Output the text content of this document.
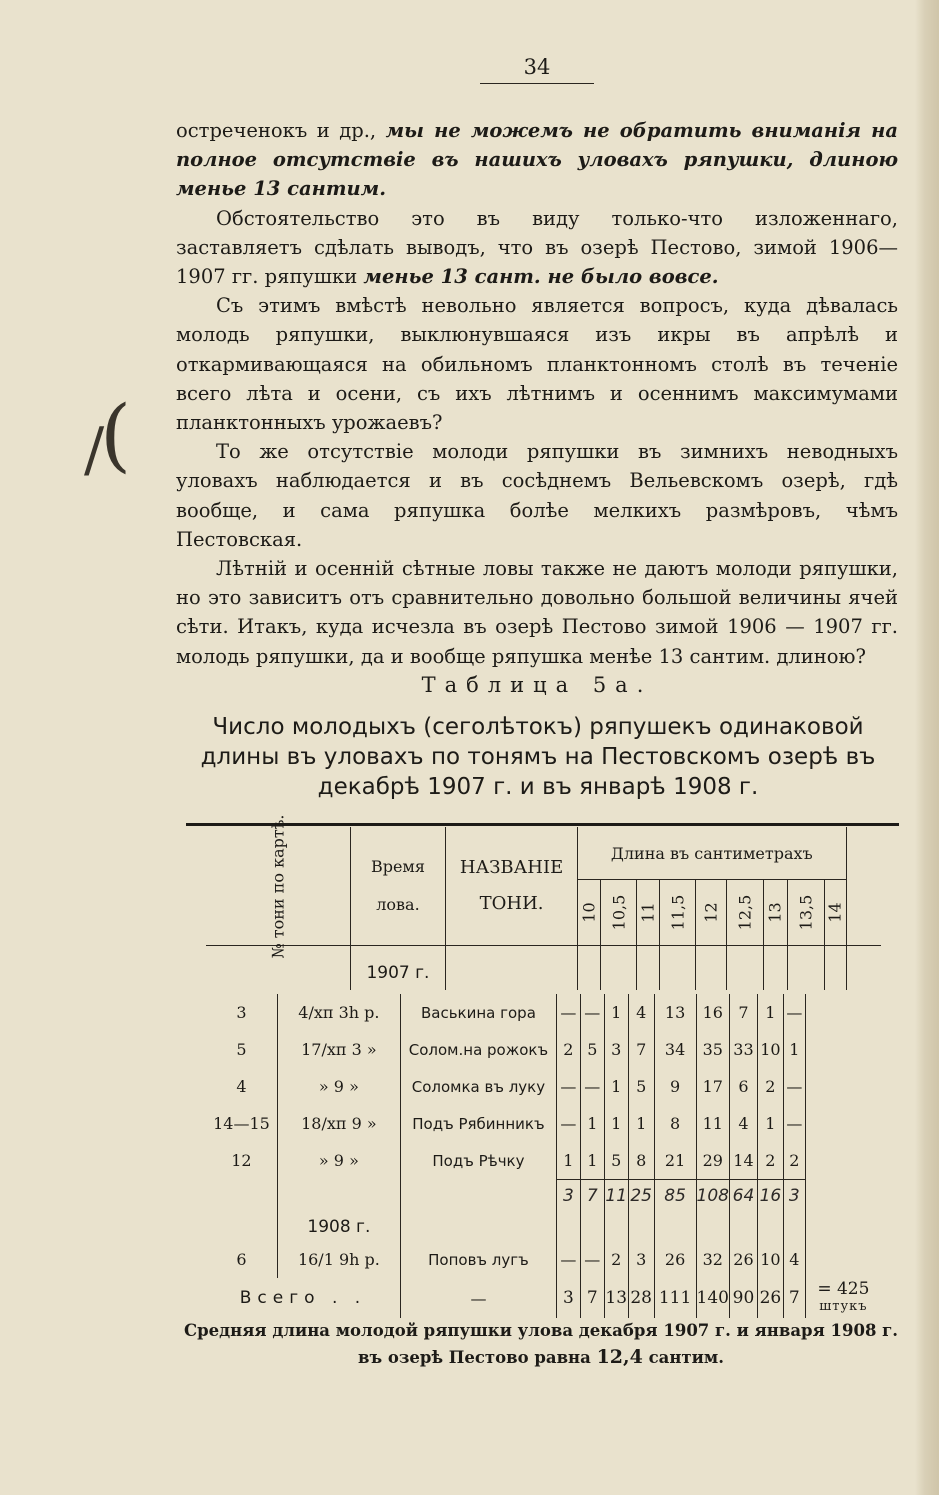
34

остреченокъ и др., мы не можемъ не обратить вниманія на полное отсутствіе въ нашихъ уловахъ ряпушки, длиною менье 13 сантим.

Обстоятельство это въ виду только-что изложеннаго, заставляетъ сдѣлать выводъ, что въ озерѣ Пестово, зимой 1906—1907 гг. ряпушки менье 13 сант. не было вовсе.

Съ этимъ вмѣстѣ невольно является вопросъ, куда дѣвалась молодь ряпушки, выклюнувшаяся изъ икры въ апрѣлѣ и откармивающаяся на обильномъ планктонномъ столѣ въ теченіе всего лѣта и осени, съ ихъ лѣтнимъ и осеннимъ максимумами планктонныхъ урожаевъ?

То же отсутствіе молоди ряпушки въ зимнихъ неводныхъ уловахъ наблюдается и въ сосѣднемъ Вельевскомъ озерѣ, гдѣ вообще, и сама ряпушка болѣе мелкихъ размѣровъ, чѣмъ Пестовская.

Лѣтній и осенній сѣтные ловы также не даютъ молоди ряпушки, но это зависитъ отъ сравнительно довольно большой величины ячей сѣти. Итакъ, куда исчезла въ озерѣ Пестово зимой 1906 — 1907 гг. молодь ряпушки, да и вообще ряпушка менѣе 13 сантим. длиною?

(
/
Таблица 5а.
Число молодыхъ (сеголѣтокъ) ряпушекъ одинаковой длины въ уловахъ по тонямъ на Пестовскомъ озерѣ въ декабрѣ 1907 г. и въ январѣ 1908 г.
№ тони по картѣ.	Время лова.	НАЗВАНІЕ ТОНИ.	Длина въ сантиметрахъ									
			10	10,5	11	11,5	12	12,5	13	13,5	14	

	1907 г.											
3	4/xп 3h р.	Васькина гора	—	—	1	4	13	16	7	1	—	
5	17/xп 3 »	Солом.на рожокъ	2	5	3	7	34	35	33	10	1	
4	» 9 »	Соломка въ луку	—	—	1	5	9	17	6	2	—	
14—15	18/xп 9 »	Подъ Рябинникъ	—	1	1	1	8	11	4	1	—	
12	» 9 »	Подъ Рѣчку	1	1	5	8	21	29	14	2	2	
			3	7	11	25	85	108	64	16	3	
	1908 г.											
6	16/1 9h р.	Поповъ лугъ	—	—	2	3	26	32	26	10	4	
Всего . .		—	3	7	13	28	111	140	90	26	7	= 425
штукъ
Средняя длина молодой ряпушки улова декабря 1907 г. и января 1908 г.
въ озерѣ Пестово равна 12,4 сантим.
